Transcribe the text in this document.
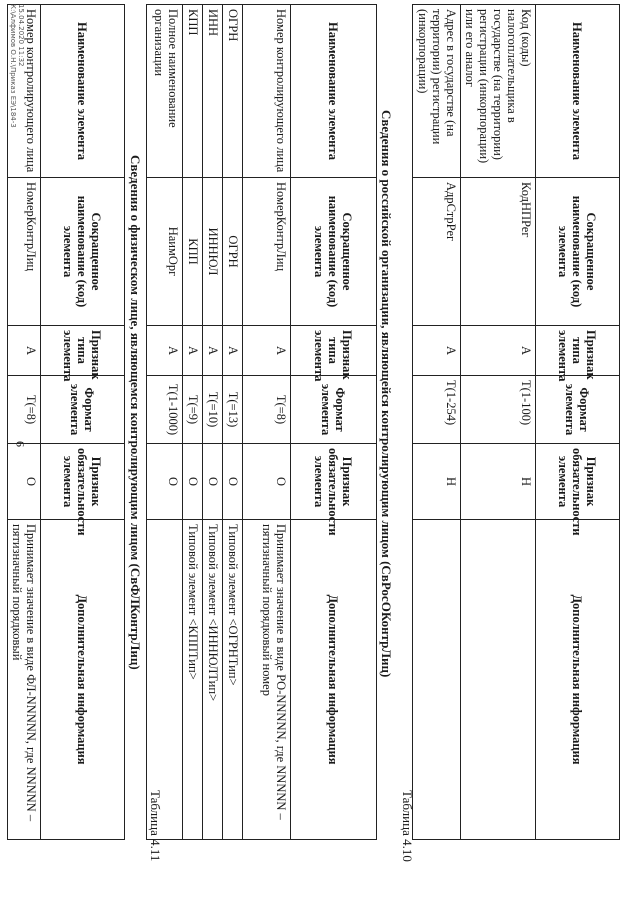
9
Наименование элемента	Сокращенное наименование (код) элемента	Признак типа элемента	Формат элемента	Признак обязательности элемента	Дополнительная информация
Код (коды) налогоплательщика в государстве (на территории) регистрации (инкорпорации) или его аналог	КодНПРег	А	Т(1-100)	Н	
Адрес в государстве (на территории) регистрации (инкорпорации)	АдрСтрРег	А	Т(1-254)	Н	
Таблица 4.10
Сведения о российской организации, являющейся контролирующим лицом (СвРосОКонтрЛиц)
Наименование элемента	Сокращенное наименование (код) элемента	Признак типа элемента	Формат элемента	Признак обязательности элемента	Дополнительная информация
Номер контролирующего лица	НомерКонтрЛиц	А	Т(=8)	О	Принимает значение в виде РО-NNNNN, где NNNNN – пятизначный порядковый номер
ОГРН	ОГРН	А	Т(=13)	О	Типовой элемент <ОГРНТип>
ИНН	ИННЮЛ	А	Т(=10)	О	Типовой элемент <ИННЮЛТип>
КПП	КПП	А	Т(=9)	О	Типовой элемент <КППТип>
Полное наименование организации	НаимОрг	А	Т(1-1000)	О	
Таблица 4.11
Сведения о физическом лице, являющемся контролирующим лицом (СвФЛКонтрЛиц)
Наименование элемента	Сокращенное наименование (код) элемента	Признак типа элемента	Формат элемента	Признак обязательности элемента	Дополнительная информация
Номер контролирующего лица	НомерКонтрЛиц	А	Т(=8)	О	Принимает значение в виде ФЛ-NNNNN, где NNNNN – пятизначный порядковый
15.04.2020 11:32
К:\Алфимов О.Н.\Приказ ЕЭ\184-3
